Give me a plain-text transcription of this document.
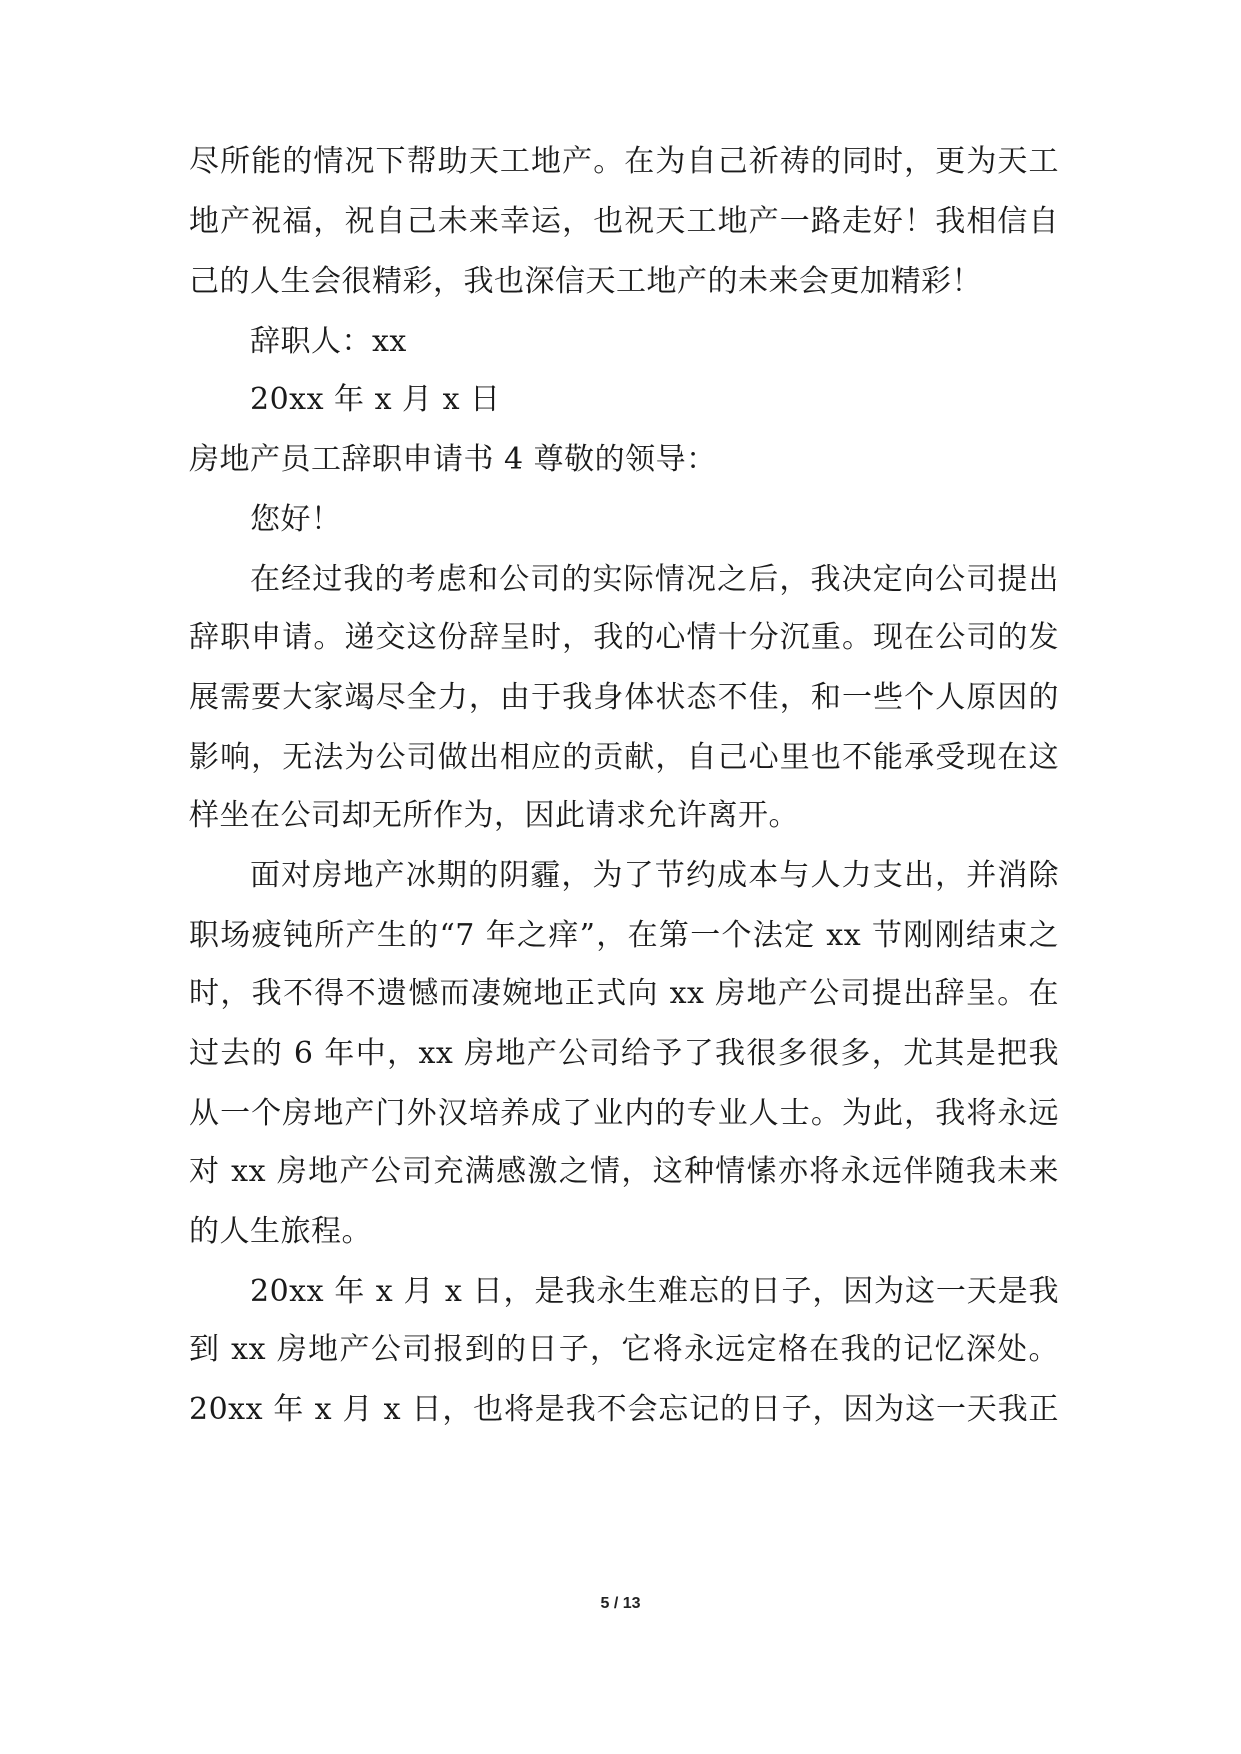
尽所能的情况下帮助天工地产。在为自己祈祷的同时，更为天工
地产祝福，祝自己未来幸运，也祝天工地产一路走好！我相信自
己的人生会很精彩，我也深信天工地产的未来会更加精彩！
辞职人：xx
20xx 年 x 月 x 日
房地产员工辞职申请书 4 尊敬的领导：
您好！
在经过我的考虑和公司的实际情况之后，我决定向公司提出
辞职申请。递交这份辞呈时，我的心情十分沉重。现在公司的发
展需要大家竭尽全力，由于我身体状态不佳，和一些个人原因的
影响，无法为公司做出相应的贡献，自己心里也不能承受现在这
样坐在公司却无所作为，因此请求允许离开。
面对房地产冰期的阴霾，为了节约成本与人力支出，并消除
职场疲钝所产生的“7 年之痒”，在第一个法定 xx 节刚刚结束之
时，我不得不遗憾而凄婉地正式向 xx 房地产公司提出辞呈。在
过去的 6 年中，xx 房地产公司给予了我很多很多，尤其是把我
从一个房地产门外汉培养成了业内的专业人士。为此，我将永远
对 xx 房地产公司充满感激之情，这种情愫亦将永远伴随我未来
的人生旅程。
20xx 年 x 月 x 日，是我永生难忘的日子，因为这一天是我
到 xx 房地产公司报到的日子，它将永远定格在我的记忆深处。
20xx 年 x 月 x 日，也将是我不会忘记的日子，因为这一天我正
5 / 13
